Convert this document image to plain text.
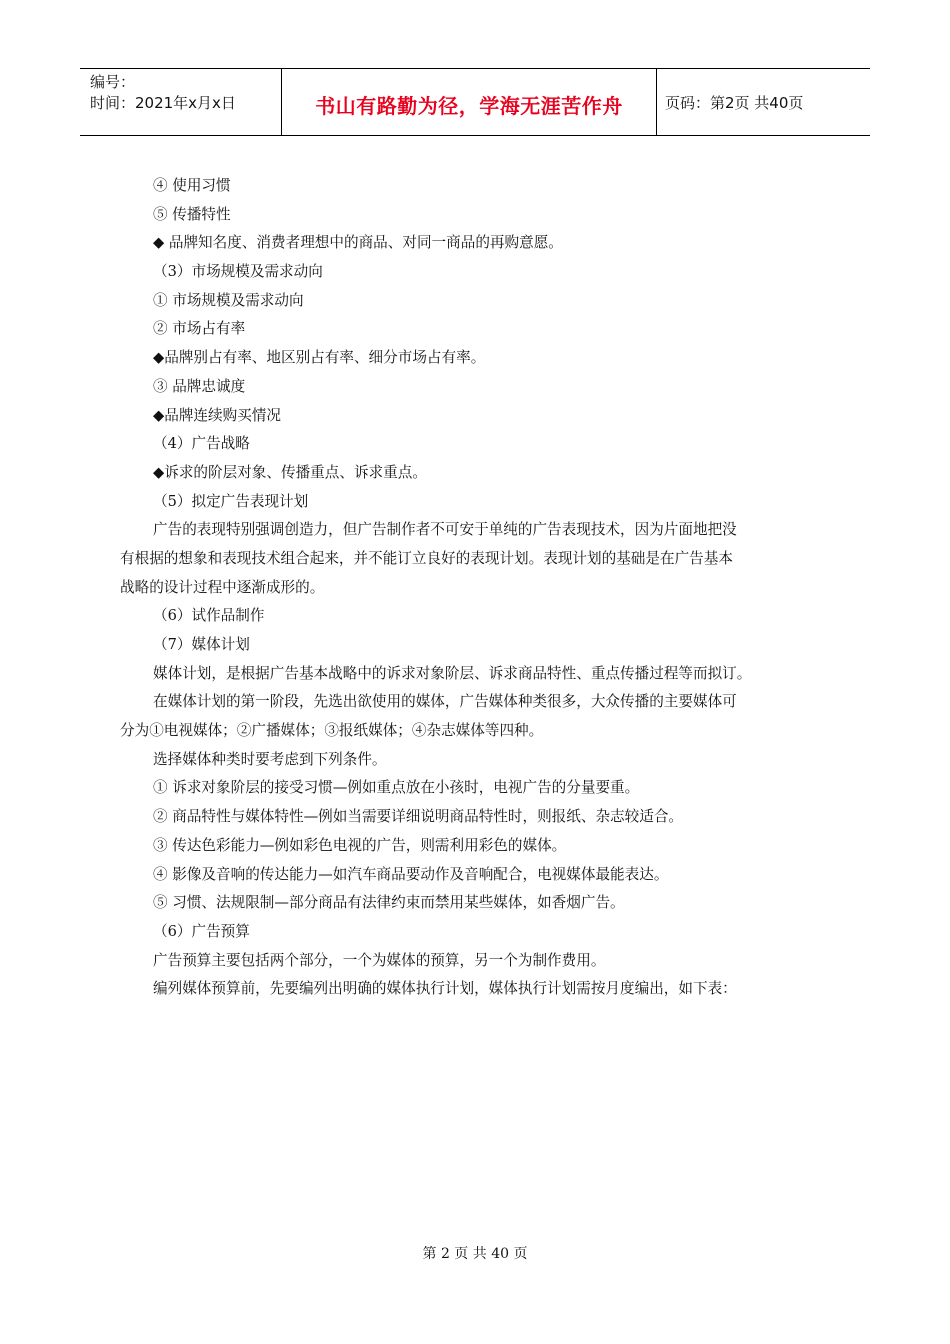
编号：
时间：2021年x月x日	书山有路勤为径，学海无涯苦作舟	页码：第2页 共40页
④ 使用习惯
⑤ 传播特性
◆ 品牌知名度、消费者理想中的商品、对同一商品的再购意愿。
（3）市场规模及需求动向
① 市场规模及需求动向
② 市场占有率
◆品牌别占有率、地区别占有率、细分市场占有率。
③ 品牌忠诚度
◆品牌连续购买情况
（4）广告战略
◆诉求的阶层对象、传播重点、诉求重点。
（5）拟定广告表现计划
广告的表现特别强调创造力，但广告制作者不可安于单纯的广告表现技术，因为片面地把没
有根据的想象和表现技术组合起来，并不能订立良好的表现计划。表现计划的基础是在广告基本
战略的设计过程中逐渐成形的。
（6）试作品制作
（7）媒体计划
媒体计划，是根据广告基本战略中的诉求对象阶层、诉求商品特性、重点传播过程等而拟订。
在媒体计划的第一阶段，先选出欲使用的媒体，广告媒体种类很多，大众传播的主要媒体可
分为①电视媒体；②广播媒体；③报纸媒体；④杂志媒体等四种。
选择媒体种类时要考虑到下列条件。
① 诉求对象阶层的接受习惯—例如重点放在小孩时，电视广告的分量要重。
② 商品特性与媒体特性—例如当需要详细说明商品特性时，则报纸、杂志较适合。
③ 传达色彩能力—例如彩色电视的广告，则需利用彩色的媒体。
④ 影像及音响的传达能力—如汽车商品要动作及音响配合，电视媒体最能表达。
⑤ 习惯、法规限制—部分商品有法律约束而禁用某些媒体，如香烟广告。
（6）广告预算
广告预算主要包括两个部分，一个为媒体的预算，另一个为制作费用。
编列媒体预算前，先要编列出明确的媒体执行计划，媒体执行计划需按月度编出，如下表：
第 2 页 共 40 页
